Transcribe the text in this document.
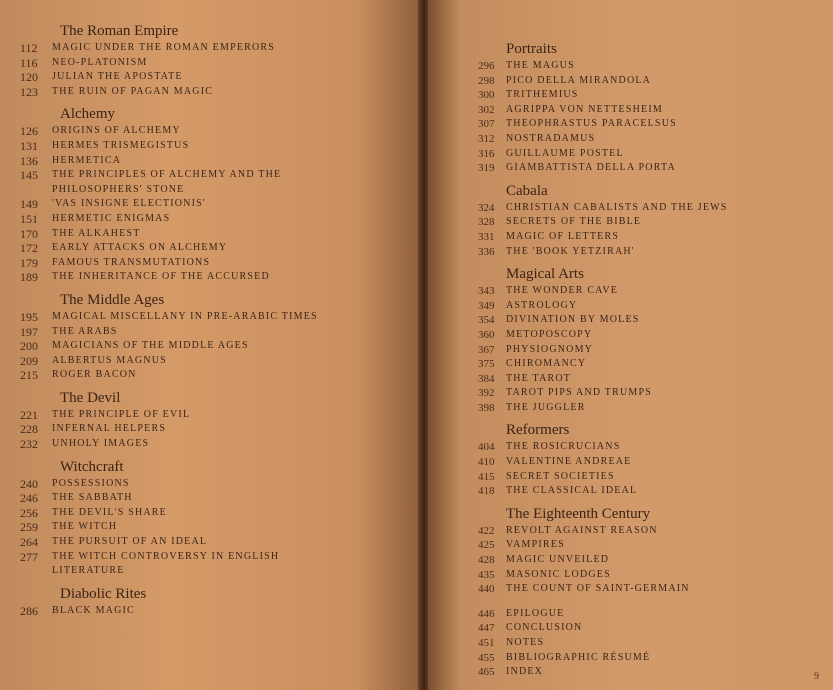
The Roman Empire
112	MAGIC UNDER THE ROMAN EMPERORS
116	NEO-PLATONISM
120	JULIAN THE APOSTATE
123	THE RUIN OF PAGAN MAGIC
Alchemy
126	ORIGINS OF ALCHEMY
131	HERMES TRISMEGISTUS
136	HERMETICA
145	THE PRINCIPLES OF ALCHEMY AND THE
PHILOSOPHERS' STONE
149	'VAS INSIGNE ELECTIONIS'
151	HERMETIC ENIGMAS
170	THE ALKAHEST
172	EARLY ATTACKS ON ALCHEMY
179	FAMOUS TRANSMUTATIONS
189	THE INHERITANCE OF THE ACCURSED
The Middle Ages
195	MAGICAL MISCELLANY IN PRE-ARABIC TIMES
197	THE ARABS
200	MAGICIANS OF THE MIDDLE AGES
209	ALBERTUS MAGNUS
215	ROGER BACON
The Devil
221	THE PRINCIPLE OF EVIL
228	INFERNAL HELPERS
232	UNHOLY IMAGES
Witchcraft
240	POSSESSIONS
246	THE SABBATH
256	THE DEVIL'S SHARE
259	THE WITCH
264	THE PURSUIT OF AN IDEAL
277	THE WITCH CONTROVERSY IN ENGLISH
LITERATURE
Diabolic Rites
286	BLACK MAGIC
Portraits
296	THE MAGUS
298	PICO DELLA MIRANDOLA
300	TRITHEMIUS
302	AGRIPPA VON NETTESHEIM
307	THEOPHRASTUS PARACELSUS
312	NOSTRADAMUS
316	GUILLAUME POSTEL
319	GIAMBATTISTA DELLA PORTA
Cabala
324	CHRISTIAN CABALISTS AND THE JEWS
328	SECRETS OF THE BIBLE
331	MAGIC OF LETTERS
336	THE 'BOOK YETZIRAH'
Magical Arts
343	THE WONDER CAVE
349	ASTROLOGY
354	DIVINATION BY MOLES
360	METOPOSCOPY
367	PHYSIOGNOMY
375	CHIROMANCY
384	THE TAROT
392	TAROT PIPS AND TRUMPS
398	THE JUGGLER
Reformers
404	THE ROSICRUCIANS
410	VALENTINE ANDREAE
415	SECRET SOCIETIES
418	THE CLASSICAL IDEAL
The Eighteenth Century
422	REVOLT AGAINST REASON
425	VAMPIRES
428	MAGIC UNVEILED
435	MASONIC LODGES
440	THE COUNT OF SAINT-GERMAIN
446	EPILOGUE
447	CONCLUSION
451	NOTES
455	BIBLIOGRAPHIC RÉSUMÉ
465	INDEX	9
